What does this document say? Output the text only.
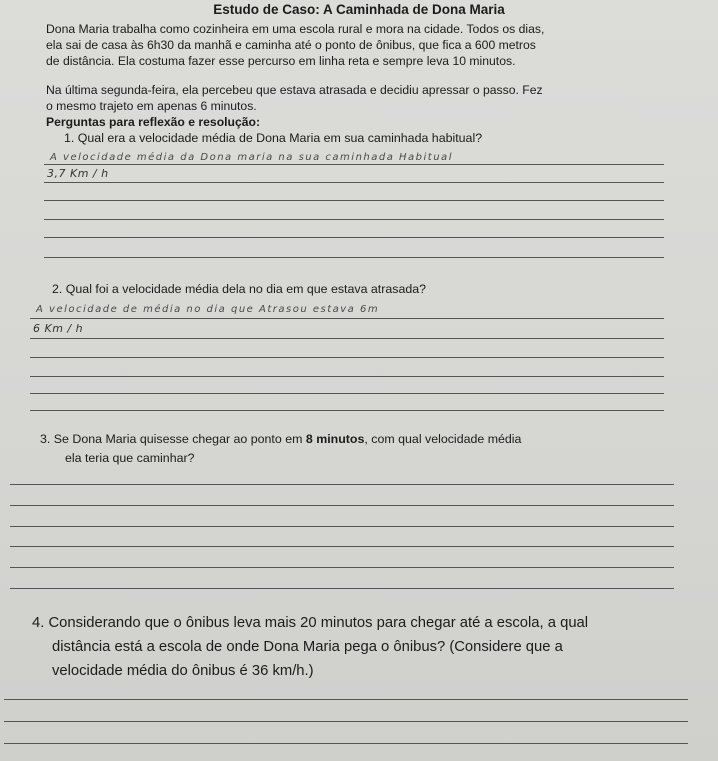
Estudo de Caso: A Caminhada de Dona Maria
Dona Maria trabalha como cozinheira em uma escola rural e mora na cidade. Todos os dias,
ela sai de casa às 6h30 da manhã e caminha até o ponto de ônibus, que fica a 600 metros
de distância. Ela costuma fazer esse percurso em linha reta e sempre leva 10 minutos.
Na última segunda-feira, ela percebeu que estava atrasada e decidiu apressar o passo. Fez
o mesmo trajeto em apenas 6 minutos.
Perguntas para reflexão e resolução:
1. Qual era a velocidade média de Dona Maria em sua caminhada habitual?
A velocidade média da Dona maria na sua caminhada Habitual
3,7 Km / h
2. Qual foi a velocidade média dela no dia em que estava atrasada?
A velocidade de média no dia que Atrasou estava 6m
6 Km / h
3. Se Dona Maria quisesse chegar ao ponto em 8 minutos, com qual velocidade média
ela teria que caminhar?
4. Considerando que o ônibus leva mais 20 minutos para chegar até a escola, a qual
distância está a escola de onde Dona Maria pega o ônibus? (Considere que a
velocidade média do ônibus é 36 km/h.)
